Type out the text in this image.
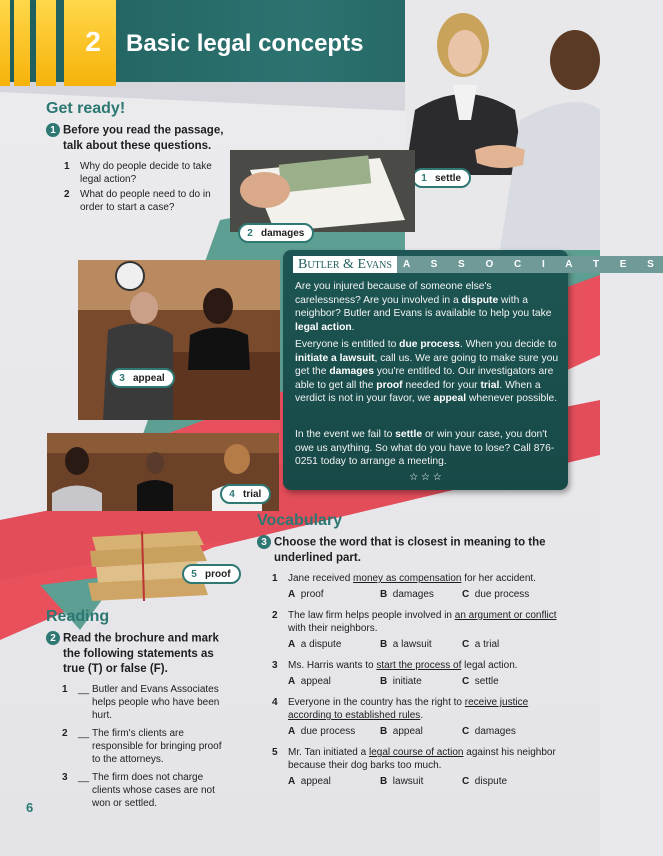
2	Basic legal concepts
1 settle
2 damages
3 appeal
4 trial
5 proof
Get ready!
1 Before you read the passage,
talk about these questions.
1	Why do people decide to take
legal action?
2	What do people need to do in
order to start a case?
Butler & Evans	A S S O C I A T E S
Are you injured because of someone else's carelessness? Are you involved in a dispute with a neighbor? Butler and Evans is available to help you take legal action.
Everyone is entitled to due process. When you decide to initiate a lawsuit, call us. We are going to make sure you get the damages you're entitled to. Our investigators are able to get all the proof needed for your trial. When a verdict is not in your favor, we appeal whenever possible.
In the event we fail to settle or win your case, you don't owe us anything. So what do you have to lose? Call 876-0251 today to arrange a meeting.
☆ ☆ ☆
Reading
2 Read the brochure and mark
the following statements as
true (T) or false (F).
1	__ Butler and Evans Associates
helps people who have been
hurt.
2	__ The firm's clients are
responsible for bringing proof
to the attorneys.
3	__ The firm does not charge
clients whose cases are not
won or settled.
Vocabulary
3 Choose the word that is closest in meaning to the
underlined part.
1	Jane received money as compensation for her accident.
A proof	B damages	C due process
2	The law firm helps people involved in an argument or conflict
with their neighbors.
A a dispute	B a lawsuit	C a trial
3	Ms. Harris wants to start the process of legal action.
A appeal	B initiate	C settle
4	Everyone in the country has the right to receive justice
according to established rules.
A due process	B appeal	C damages
5	Mr. Tan initiated a legal course of action against his neighbor
because their dog barks too much.
A appeal	B lawsuit	C dispute
6
